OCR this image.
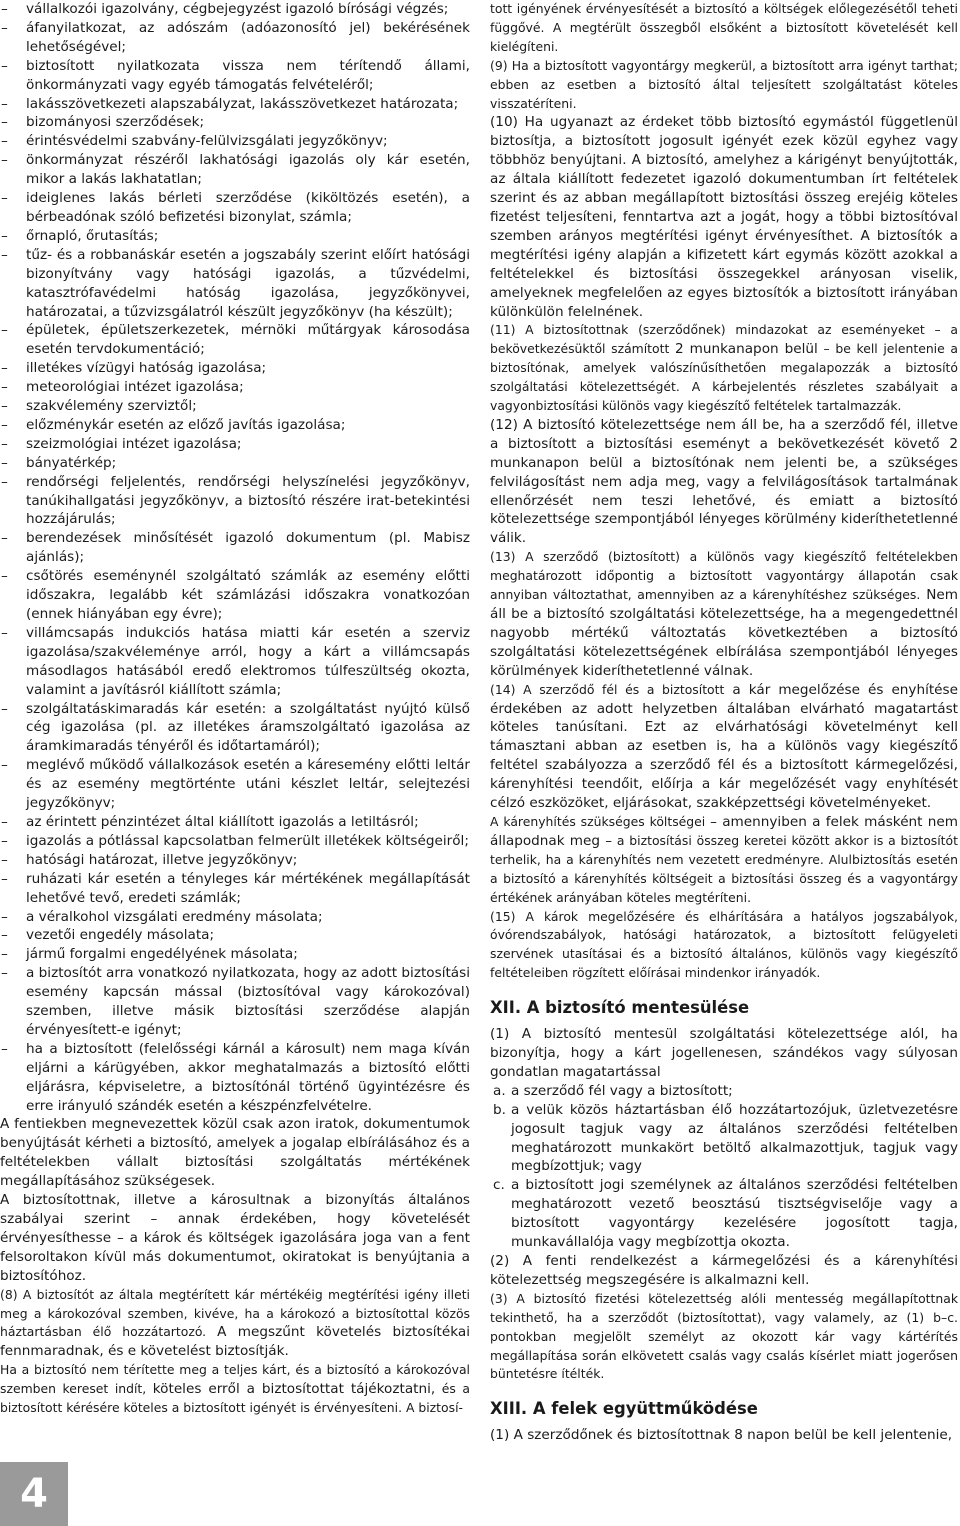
– vállalkozói igazolvány, cégbejegyzést igazoló bírósági végzés;

– áfanyilatkozat, az adószám (adóazonosító jel) bekérésének lehetőségével;

– biztosított nyilatkozata vissza nem térítendő állami, önkormányzati vagy egyéb támogatás felvételéről;

– lakásszövetkezeti alapszabályzat, lakásszövetkezet határozata;

– bizományosi szerződések;

– érintésvédelmi szabvány-felülvizsgálati jegyzőkönyv;

– önkormányzat részéről lakhatósági igazolás oly kár esetén, mikor a lakás lakhatatlan;

– ideiglenes lakás bérleti szerződése (kiköltözés esetén), a bérbeadónak szóló befizetési bizonylat, számla;

– őrnapló, őrutasítás;

– tűz- és a robbanáskár esetén a jogszabály szerint előírt hatósági bizonyítvány vagy hatósági igazolás, a tűzvédelmi, katasztrófavédelmi hatóság igazolása, jegyzőkönyvei, határozatai, a tűzvizsgálatról készült jegyzőkönyv (ha készült);

– épületek, épületszerkezetek, mérnöki műtárgyak károsodása esetén tervdokumentáció;

– illetékes vízügyi hatóság igazolása;

– meteorológiai intézet igazolása;

– szakvélemény szerviztől;

– előzménykár esetén az előző javítás igazolása;

– szeizmológiai intézet igazolása;

– bányatérkép;

– rendőrségi feljelentés, rendőrségi helyszínelési jegyzőkönyv, tanúkihallgatási jegyzőkönyv, a biztosító részére irat-betekintési hozzájárulás;

– berendezések minősítését igazoló dokumentum (pl. Mabisz ajánlás);

– csőtörés eseménynél szolgáltató számlák az esemény előtti időszakra, legalább két számlázási időszakra vonatkozóan (ennek hiányában egy évre);

– villámcsapás indukciós hatása miatti kár esetén a szerviz igazolása/szakvéleménye arról, hogy a kárt a villámcsapás másodlagos hatásából eredő elektromos túlfeszültség okozta, valamint a javításról kiállított számla;

– szolgáltatáskimaradás kár esetén: a szolgáltatást nyújtó külső cég igazolása (pl. az illetékes áramszolgáltató igazolása az áramkimaradás tényéről és időtartamáról);

– meglévő működő vállalkozások esetén a káresemény előtti leltár és az esemény megtörténte utáni készlet leltár, selejtezési jegyzőkönyv;

– az érintett pénzintézet által kiállított igazolás a letiltásról;

– igazolás a pótlással kapcsolatban felmerült illetékek költségeiről;

– hatósági határozat, illetve jegyzőkönyv;

– ruházati kár esetén a tényleges kár mértékének megállapítását lehetővé tevő, eredeti számlák;

– a véralkohol vizsgálati eredmény másolata;

– vezetői engedély másolata;

– jármű forgalmi engedélyének másolata;

– a biztosítót arra vonatkozó nyilatkozata, hogy az adott biztosítási esemény kapcsán mással (biztosítóval vagy károkozóval) szemben, illetve másik biztosítási szerződése alapján érvényesített-e igényt;

– ha a biztosított (felelősségi kárnál a károsult) nem maga kíván eljárni a kárügyében, akkor meghatalmazás a biztosító előtti eljárásra, képviseletre, a biztosítónál történő ügyintézésre és erre irányuló szándék esetén a készpénzfelvételre.

A fentiekben megnevezettek közül csak azon iratok, dokumentumok benyújtását kérheti a biztosító, amelyek a jogalap elbírálásához és a feltételekben vállalt biztosítási szolgáltatás mértékének megállapításához szükségesek.

A biztosítottnak, illetve a károsultnak a bizonyítás általános szabályai szerint – annak érdekében, hogy követelését érvényesíthesse – a károk és költségek igazolására joga van a fent felsoroltakon kívül más dokumentumot, okiratokat is benyújtania a biztosítóhoz.

(8) A biztosítót az általa megtérített kár mértékéig megtérítési igény illeti meg a károkozóval szemben, kivéve, ha a károkozó a biztosítottal közös háztartásban élő hozzátartozó. A megszűnt követelés biztosítékai fennmaradnak, és e követelést biztosítják.

Ha a biztosító nem térítette meg a teljes kárt, és a biztosító a károkozóval szemben kereset indít, köteles erről a biztosítottat tájékoztatni, és a biztosított kérésére köteles a biztosított igényét is érvényesíteni. A biztosí-

tott igényének érvényesítését a biztosító a költségek előlegezésétől teheti függővé. A megtérült összegből elsőként a biztosított követelését kell kielégíteni.

(9) Ha a biztosított vagyontárgy megkerül, a biztosított arra igényt tarthat; ebben az esetben a biztosító által teljesített szolgáltatást köteles visszatéríteni.

(10) Ha ugyanazt az érdeket több biztosító egymástól függetlenül biztosítja, a biztosított jogosult igényét ezek közül egyhez vagy többhöz benyújtani. A biztosító, amelyhez a kárigényt benyújtották, az általa kiállított fedezetet igazoló dokumentumban írt feltételek szerint és az abban megállapított biztosítási összeg erejéig köteles fizetést teljesíteni, fenntartva azt a jogát, hogy a többi biztosítóval szemben arányos megtérítési igényt érvényesíthet. A biztosítók a megtérítési igény alapján a kifizetett kárt egymás között azokkal a feltételekkel és biztosítási összegekkel arányosan viselik, amelyeknek megfelelően az egyes biztosítók a biztosított irányában különkülön felelnének.

(11) A biztosítottnak (szerződőnek) mindazokat az eseményeket – a bekövetkezésüktől számított 2 munkanapon belül – be kell jelentenie a biztosítónak, amelyek valószínűsíthetően megalapozzák a biztosító szolgáltatási kötelezettségét. A kárbejelentés részletes szabályait a vagyonbiztosítási különös vagy kiegészítő feltételek tartalmazzák.

(12) A biztosító kötelezettsége nem áll be, ha a szerződő fél, illetve a biztosított a biztosítási eseményt a bekövetkezését követő 2 munkanapon belül a biztosítónak nem jelenti be, a szükséges felvilágosítást nem adja meg, vagy a felvilágosítások tartalmának ellenőrzését nem teszi lehetővé, és emiatt a biztosító kötelezettsége szempontjából lényeges körülmény kideríthetetlenné válik.

(13) A szerződő (biztosított) a különös vagy kiegészítő feltételekben meghatározott időpontig a biztosított vagyontárgy állapotán csak annyiban változtathat, amennyiben az a kárenyhítéshez szükséges. Nem áll be a biztosító szolgáltatási kötelezettsége, ha a megengedettnél nagyobb mértékű változtatás következtében a biztosító szolgáltatási kötelezettségének elbírálása szempontjából lényeges körülmények kideríthetetlenné válnak.

(14) A szerződő fél és a biztosított a kár megelőzése és enyhítése érdekében az adott helyzetben általában elvárható magatartást köteles tanúsítani. Ezt az elvárhatósági követelményt kell támasztani abban az esetben is, ha a különös vagy kiegészítő feltétel szabályozza a szerződő fél és a biztosított kármegelőzési, kárenyhítési teendőit, előírja a kár megelőzését vagy enyhítését célzó eszközöket, eljárásokat, szakképzettségi követelményeket.

A kárenyhítés szükséges költségei – amennyiben a felek másként nem állapodnak meg – a biztosítási összeg keretei között akkor is a biztosítót terhelik, ha a kárenyhítés nem vezetett eredményre. Alulbiztosítás esetén a biztosító a kárenyhítés költségeit a biztosítási összeg és a vagyontárgy értékének arányában köteles megtéríteni.

(15) A károk megelőzésére és elhárítására a hatályos jogszabályok, óvórendszabályok, hatósági határozatok, a biztosított felügyeleti szervének utasításai és a biztosító általános, különös vagy kiegészítő feltételeiben rögzített előírásai mindenkor irányadók.

XII. A biztosító mentesülése

(1) A biztosító mentesül szolgáltatási kötelezettsége alól, ha bizonyítja, hogy a kárt jogellenesen, szándékos vagy súlyosan gondatlan magatartással

a. a szerződő fél vagy a biztosított;

b. a velük közös háztartásban élő hozzátartozójuk, üzletvezetésre jogosult tagjuk vagy az általános szerződési feltételben meghatározott munkakört betöltő alkalmazottjuk, tagjuk vagy megbízottjuk; vagy

c. a biztosított jogi személynek az általános szerződési feltételben meghatározott vezető beosztású tisztségviselője vagy a biztosított vagyontárgy kezelésére jogosított tagja, munkavállalója vagy megbízottja okozta.

(2) A fenti rendelkezést a kármegelőzési és a kárenyhítési kötelezettség megszegésére is alkalmazni kell.

(3) A biztosító fizetési kötelezettség alóli mentesség megállapítottnak tekinthető, ha a szerződőt (biztosítottat), vagy valamely, az (1) b–c. pontokban megjelölt személyt az okozott kár vagy kártérítés megállapítása során elkövetett csalás vagy csalás kísérlet miatt jogerősen büntetésre ítélték.

XIII. A felek együttműködése

(1) A szerződőnek és biztosítottnak 8 napon belül be kell jelentenie,

4
